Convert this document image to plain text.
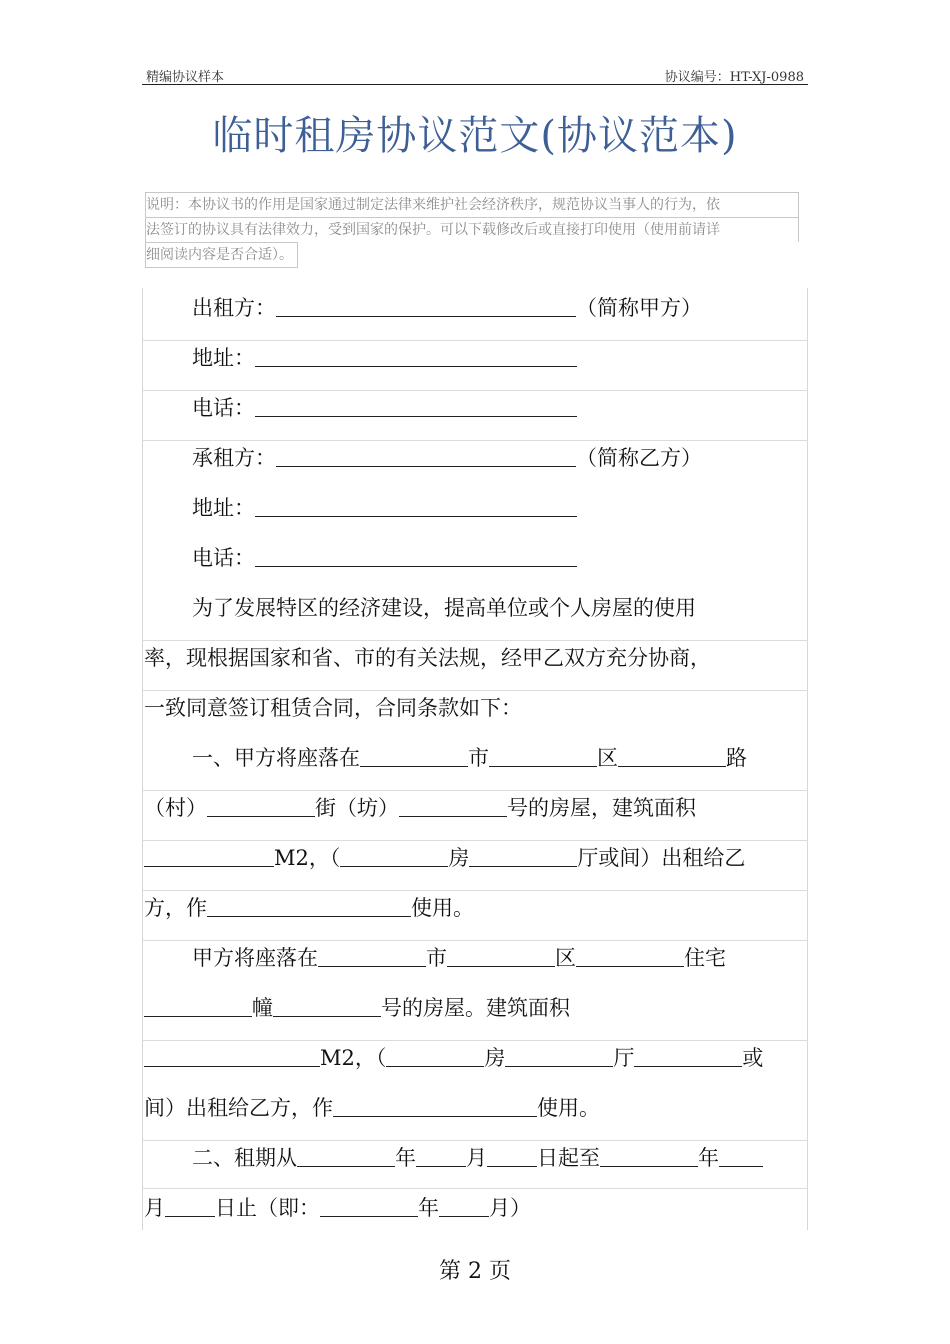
精编协议样本	协议编号：HT-XJ-0988
临时租房协议范文(协议范本)
说明：本协议书的作用是国家通过制定法律来维护社会经济秩序，规范协议当事人的行为，依
法签订的协议具有法律效力，受到国家的保护。可以下载修改后或直接打印使用（使用前请详
细阅读内容是否合适）。
出租方：	（简称甲方）
地址：
电话：
承租方：	（简称乙方）
地址：
电话：
为了发展特区的经济建设，提高单位或个人房屋的使用
率，现根据国家和省、市的有关法规，经甲乙双方充分协商，
一致同意签订租赁合同，合同条款如下：
一、甲方将座落在	市	区	路
（村）	街（坊）	号的房屋，建筑面积
M2，（	房	厅或间）出租给乙
方，作	使用。
甲方将座落在	市	区	住宅
幢	号的房屋。建筑面积
M2，（	房	厅	或
间）出租给乙方，作	使用。
二、租期从	年 月 日起至	年
月 日止（即：	年 月）
第 2 页
